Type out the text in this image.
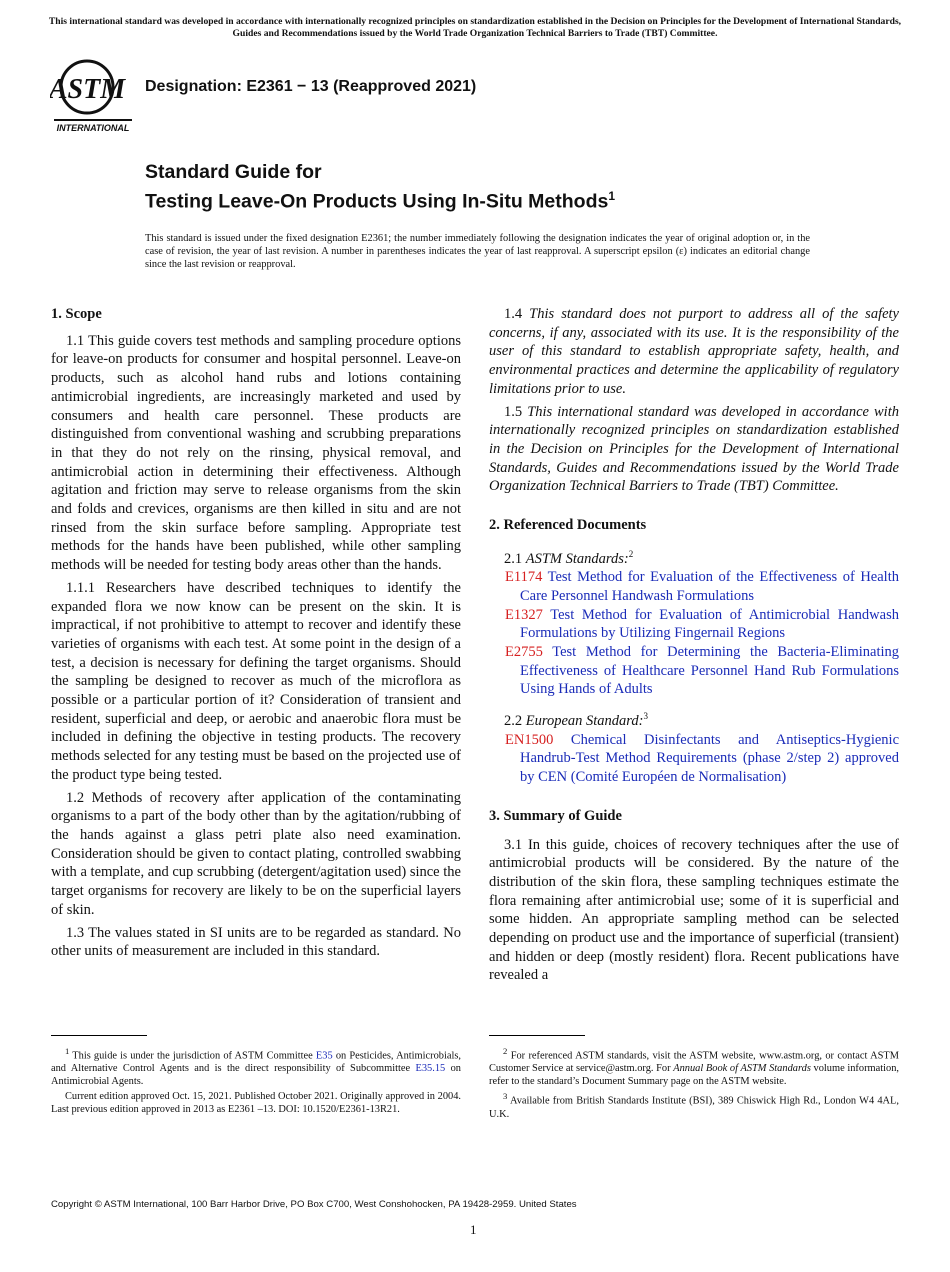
This international standard was developed in accordance with internationally recognized principles on standardization established in the Decision on Principles for the Development of International Standards, Guides and Recommendations issued by the World Trade Organization Technical Barriers to Trade (TBT) Committee.
ASTM
INTERNATIONAL
Designation: E2361 − 13 (Reapproved 2021)
Standard Guide for
Testing Leave-On Products Using In-Situ Methods$^1$
This standard is issued under the fixed designation E2361; the number immediately following the designation indicates the year of original adoption or, in the case of revision, the year of last revision. A number in parentheses indicates the year of last reapproval. A superscript epsilon (ε) indicates an editorial change since the last revision or reapproval.
1. Scope

1.1 This guide covers test methods and sampling procedure options for leave-on products for consumer and hospital personnel. Leave-on products, such as alcohol hand rubs and lotions containing antimicrobial ingredients, are increasingly marketed and used by consumers and health care personnel. These products are distinguished from conventional washing and scrubbing preparations in that they do not rely on the rinsing, physical removal, and antimicrobial action in determining their effectiveness. Although agitation and friction may serve to release organisms from the skin and folds and crevices, organisms are then killed in situ and are not rinsed from the skin surface before sampling. Appropriate test methods for the hands have been published, while other sampling methods will be needed for testing body areas other than the hands.

1.1.1 Researchers have described techniques to identify the expanded flora we now know can be present on the skin. It is impractical, if not prohibitive to attempt to recover and identify these varieties of organisms with each test. At some point in the design of a test, a decision is necessary for defining the target organisms. Should the sampling be designed to recover as much of the microflora as possible or a particular portion of it? Consideration of transient and resident, superficial and deep, or aerobic and anaerobic flora must be included in defining the objective in testing products. The recovery methods selected for any testing must be based on the projected use of the product type being tested.

1.2 Methods of recovery after application of the contaminating organisms to a part of the body other than by the agitation/rubbing of the hands against a glass petri plate also need examination. Consideration should be given to contact plating, controlled swabbing with a template, and cup scrubbing (detergent/agitation used) since the target organisms for recovery are likely to be on the superficial layers of skin.

1.3 The values stated in SI units are to be regarded as standard. No other units of measurement are included in this standard.

1.4 This standard does not purport to address all of the safety concerns, if any, associated with its use. It is the responsibility of the user of this standard to establish appropriate safety, health, and environmental practices and determine the applicability of regulatory limitations prior to use.

1.5 This international standard was developed in accordance with internationally recognized principles on standardization established in the Decision on Principles for the Development of International Standards, Guides and Recommendations issued by the World Trade Organization Technical Barriers to Trade (TBT) Committee.

2. Referenced Documents
2.1 ASTM Standards:$^2$
E1174 Test Method for Evaluation of the Effectiveness of Health Care Personnel Handwash Formulations
E1327 Test Method for Evaluation of Antimicrobial Handwash Formulations by Utilizing Fingernail Regions
E2755 Test Method for Determining the Bacteria-Eliminating Effectiveness of Healthcare Personnel Hand Rub Formulations Using Hands of Adults
2.2 European Standard:$^3$
EN1500 Chemical Disinfectants and Antiseptics-Hygienic Handrub-Test Method Requirements (phase 2/step 2) approved by CEN (Comité Européen de Normalisation)
3. Summary of Guide

3.1 In this guide, choices of recovery techniques after the use of antimicrobial products will be considered. By the nature of the distribution of the skin flora, these sampling techniques estimate the flora remaining after antimicrobial use; some of it is superficial and some hidden. An appropriate sampling method can be selected depending on product use and the importance of superficial (transient) and hidden or deep (mostly resident) flora. Recent publications have revealed a

$^1$ This guide is under the jurisdiction of ASTM Committee E35 on Pesticides, Antimicrobials, and Alternative Control Agents and is the direct responsibility of Subcommittee E35.15 on Antimicrobial Agents.

Current edition approved Oct. 15, 2021. Published October 2021. Originally approved in 2004. Last previous edition approved in 2013 as E2361 –13. DOI: 10.1520/E2361-13R21.

$^2$ For referenced ASTM standards, visit the ASTM website, www.astm.org, or contact ASTM Customer Service at service@astm.org. For Annual Book of ASTM Standards volume information, refer to the standard’s Document Summary page on the ASTM website.

$^3$ Available from British Standards Institute (BSI), 389 Chiswick High Rd., London W4 4AL, U.K.

Copyright © ASTM International, 100 Barr Harbor Drive, PO Box C700, West Conshohocken, PA 19428-2959. United States
1
